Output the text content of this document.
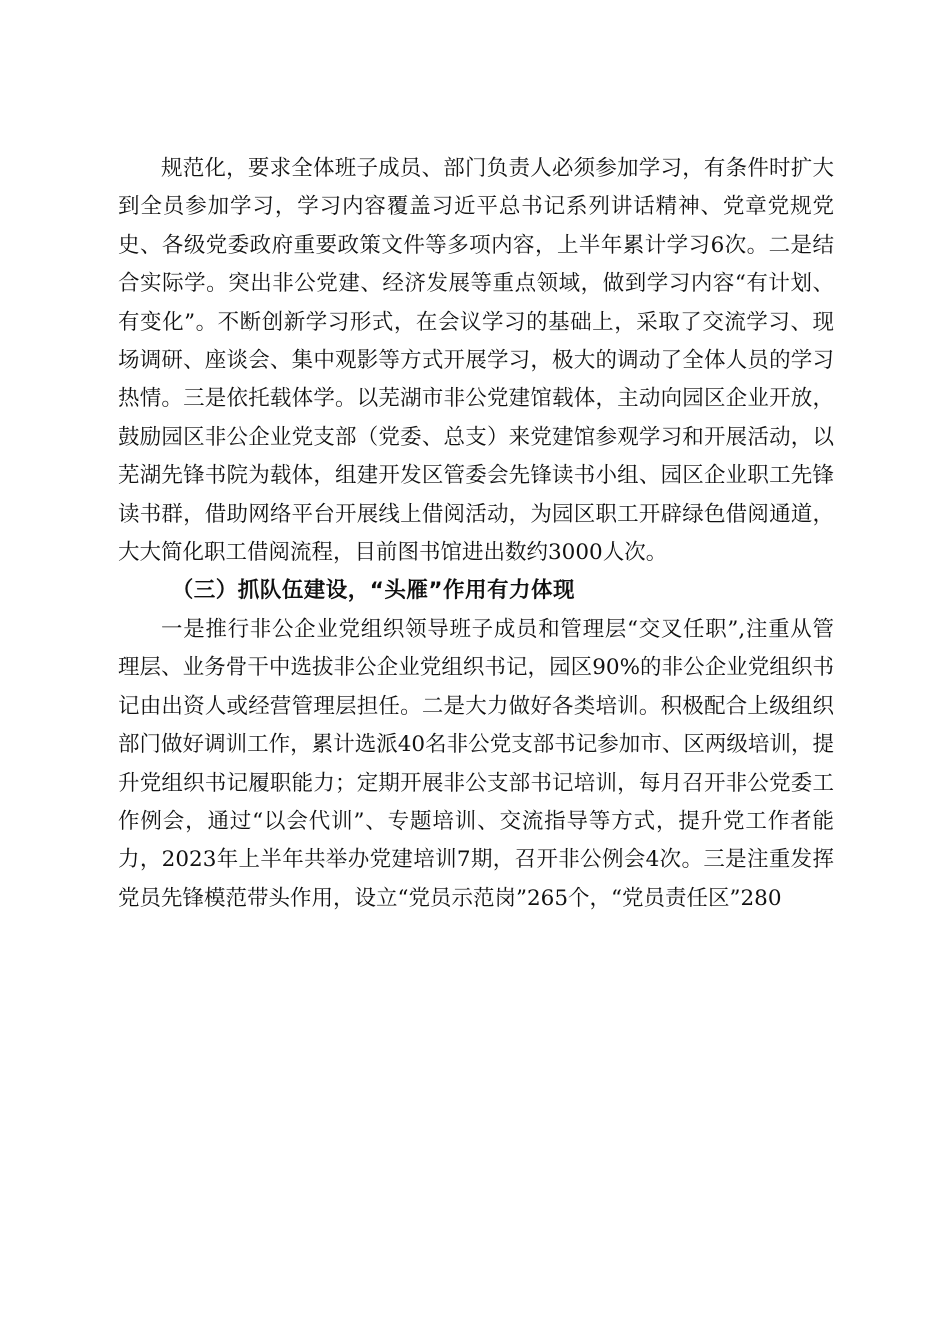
规范化，要求全体班子成员、部门负责人必须参加学习，有条件时扩大到全员参加学习，学习内容覆盖习近平总书记系列讲话精神、党章党规党史、各级党委政府重要政策文件等多项内容，上半年累计学习6次。二是结合实际学。突出非公党建、经济发展等重点领域，做到学习内容“有计划、有变化”。不断创新学习形式，在会议学习的基础上，采取了交流学习、现场调研、座谈会、集中观影等方式开展学习，极大的调动了全体人员的学习热情。三是依托载体学。以芜湖市非公党建馆载体，主动向园区企业开放，鼓励园区非公企业党支部（党委、总支）来党建馆参观学习和开展活动，以芜湖先锋书院为载体，组建开发区管委会先锋读书小组、园区企业职工先锋读书群，借助网络平台开展线上借阅活动，为园区职工开辟绿色借阅通道，大大简化职工借阅流程，目前图书馆进出数约3000人次。

（三）抓队伍建设，“头雁”作用有力体现

一是推行非公企业党组织领导班子成员和管理层“交叉任职”,注重从管理层、业务骨干中选拔非公企业党组织书记，园区90%的非公企业党组织书记由出资人或经营管理层担任。二是大力做好各类培训。积极配合上级组织部门做好调训工作，累计选派40名非公党支部书记参加市、区两级培训，提升党组织书记履职能力；定期开展非公支部书记培训，每月召开非公党委工作例会，通过“以会代训”、专题培训、交流指导等方式，提升党工作者能力，2023年上半年共举办党建培训7期，召开非公例会4次。三是注重发挥党员先锋模范带头作用，设立“党员示范岗”265个，“党员责任区”280
